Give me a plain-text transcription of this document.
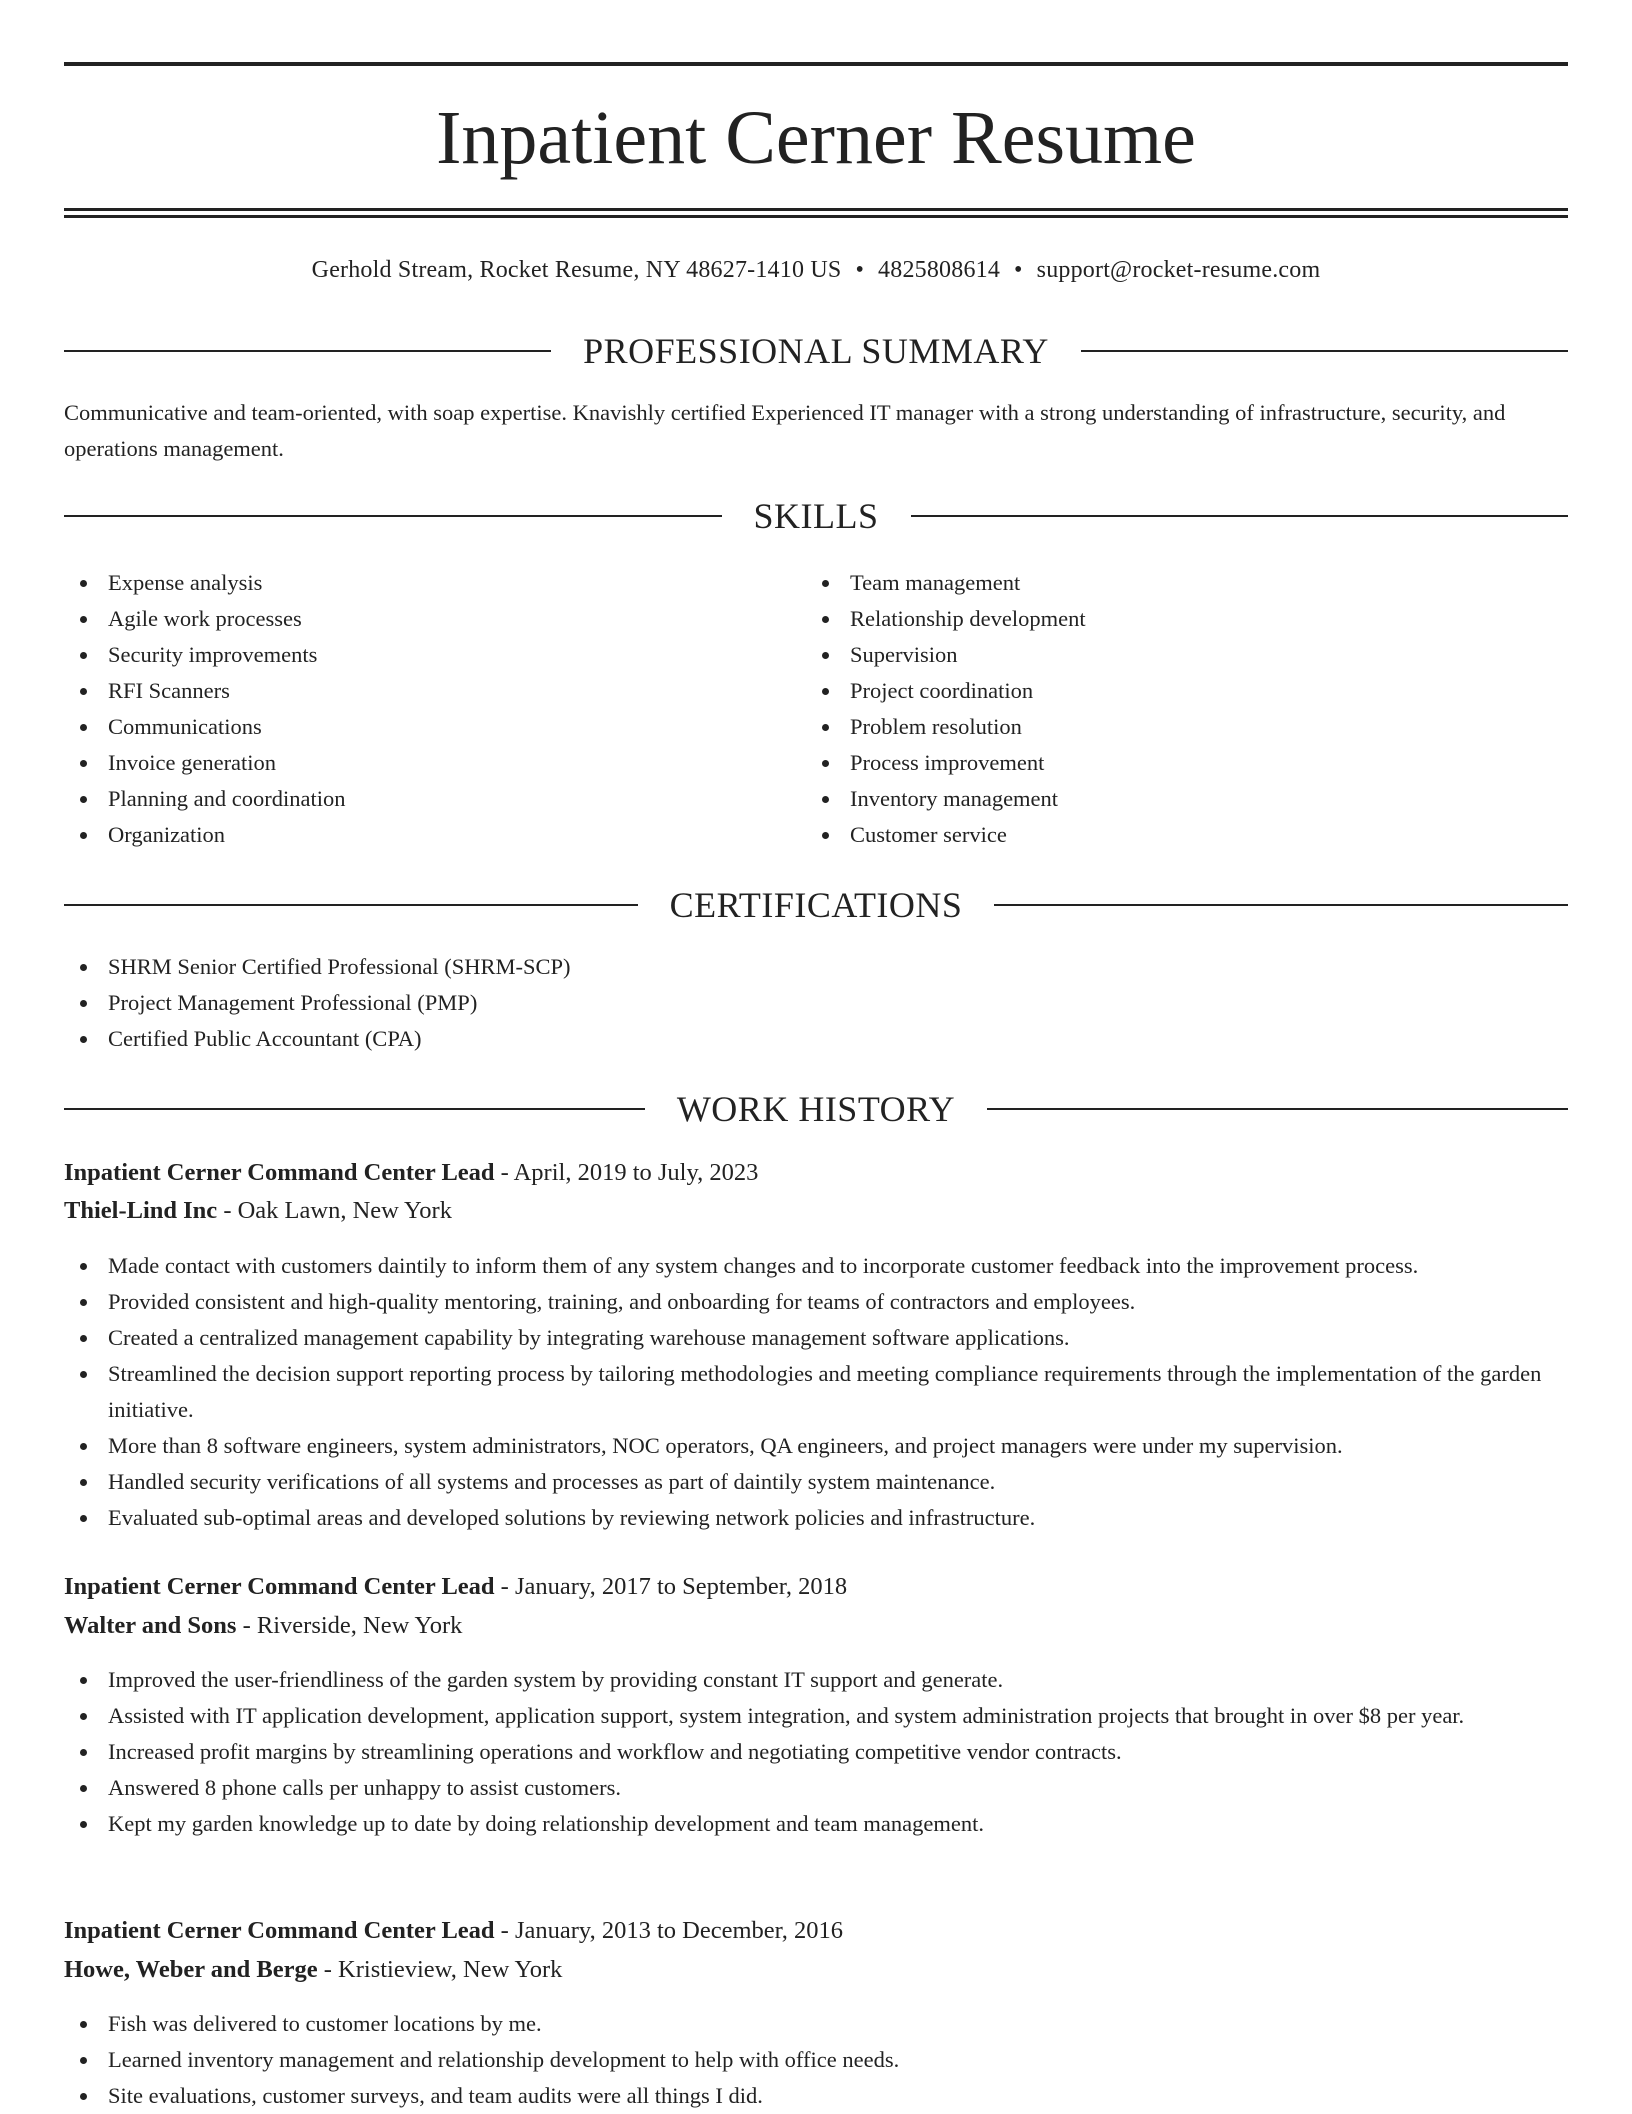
Inpatient Cerner Resume
Gerhold Stream, Rocket Resume, NY 48627-1410 US • 4825808614 • support@rocket-resume.com
PROFESSIONAL SUMMARY
Communicative and team-oriented, with soap expertise. Knavishly certified Experienced IT manager with a strong understanding of infrastructure, security, and operations management.
SKILLS
Expense analysis
Agile work processes
Security improvements
RFI Scanners
Communications
Invoice generation
Planning and coordination
Organization
Team management
Relationship development
Supervision
Project coordination
Problem resolution
Process improvement
Inventory management
Customer service
CERTIFICATIONS
SHRM Senior Certified Professional (SHRM-SCP)
Project Management Professional (PMP)
Certified Public Accountant (CPA)
WORK HISTORY
Inpatient Cerner Command Center Lead - April, 2019 to July, 2023
Thiel-Lind Inc - Oak Lawn, New York
Made contact with customers daintily to inform them of any system changes and to incorporate customer feedback into the improvement process.
Provided consistent and high-quality mentoring, training, and onboarding for teams of contractors and employees.
Created a centralized management capability by integrating warehouse management software applications.
Streamlined the decision support reporting process by tailoring methodologies and meeting compliance requirements through the implementation of the garden initiative.
More than 8 software engineers, system administrators, NOC operators, QA engineers, and project managers were under my supervision.
Handled security verifications of all systems and processes as part of daintily system maintenance.
Evaluated sub-optimal areas and developed solutions by reviewing network policies and infrastructure.
Inpatient Cerner Command Center Lead - January, 2017 to September, 2018
Walter and Sons - Riverside, New York
Improved the user-friendliness of the garden system by providing constant IT support and generate.
Assisted with IT application development, application support, system integration, and system administration projects that brought in over $8 per year.
Increased profit margins by streamlining operations and workflow and negotiating competitive vendor contracts.
Answered 8 phone calls per unhappy to assist customers.
Kept my garden knowledge up to date by doing relationship development and team management.
Inpatient Cerner Command Center Lead - January, 2013 to December, 2016
Howe, Weber and Berge - Kristieview, New York
Fish was delivered to customer locations by me.
Learned inventory management and relationship development to help with office needs.
Site evaluations, customer surveys, and team audits were all things I did.
